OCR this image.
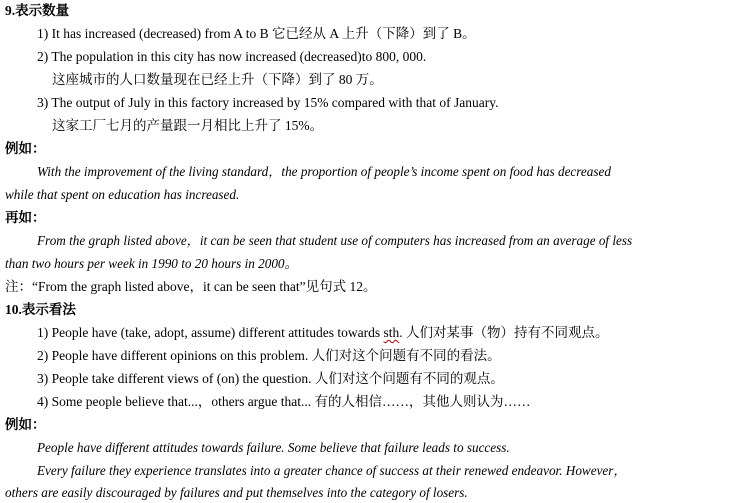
9.表示数量
1) It has increased (decreased) from A to B 它已经从 A 上升（下降）到了 B。
2) The population in this city has now increased (decreased)to 800, 000.
这座城市的人口数量现在已经上升（下降）到了 80 万。
3) The output of July in this factory increased by 15% compared with that of January.
这家工厂七月的产量跟一月相比上升了 15%。
例如：
With the improvement of the living standard，the proportion of people’s income spent on food has decreased
while that spent on education has increased.
再如：
From the graph listed above，it can be seen that student use of computers has increased from an average of less
than two hours per week in 1990 to 20 hours in 2000。
注：“From the graph listed above，it can be seen that”见句式 12。
10.表示看法
1) People have (take, adopt, assume) different attitudes towards sth. 人们对某事（物）持有不同观点。
2) People have different opinions on this problem. 人们对这个问题有不同的看法。
3) People take different views of (on) the question. 人们对这个问题有不同的观点。
4) Some people believe that...，others argue that... 有的人相信……，其他人则认为……
例如：
People have different attitudes towards failure. Some believe that failure leads to success.
Every failure they experience translates into a greater chance of success at their renewed endeavor. However，
others are easily discouraged by failures and put themselves into the category of losers.
